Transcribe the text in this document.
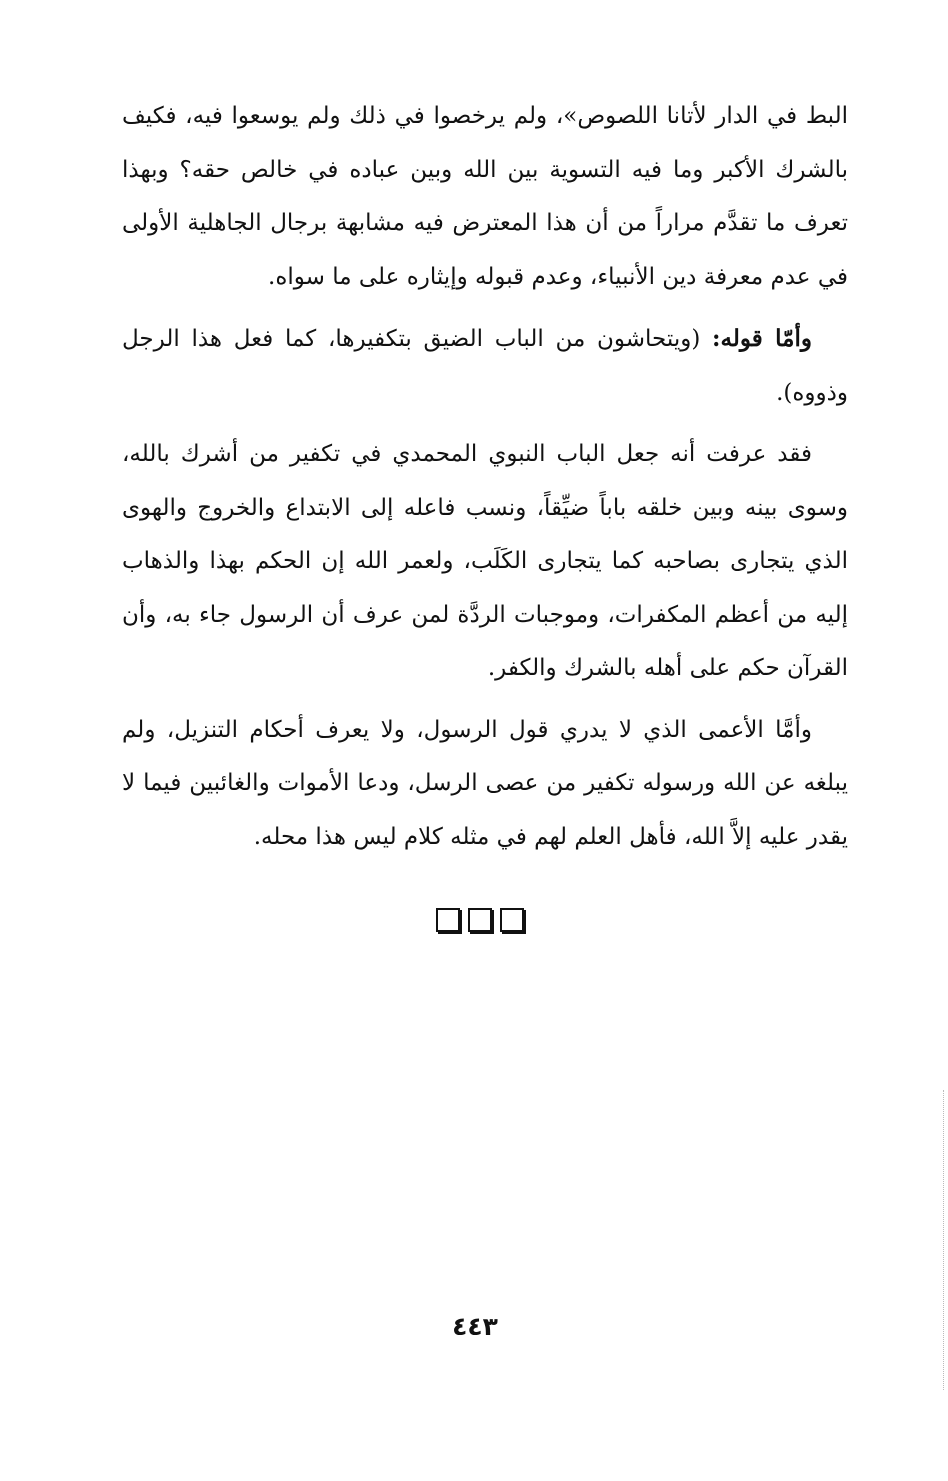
البط في الدار لأتانا اللصوص»، ولم يرخصوا في ذلك ولم يوسعوا فيه، فكيف بالشرك الأكبر وما فيه التسوية بين الله وبين عباده في خالص حقه؟ وبهذا تعرف ما تقدَّم مراراً من أن هذا المعترض فيه مشابهة برجال الجاهلية الأولى في عدم معرفة دين الأنبياء، وعدم قبوله وإيثاره على ما سواه.

وأمّا قوله: (ويتحاشون من الباب الضيق بتكفيرها، كما فعل هذا الرجل وذووه).

فقد عرفت أنه جعل الباب النبوي المحمدي في تكفير من أشرك بالله، وسوى بينه وبين خلقه باباً ضيِّقاً، ونسب فاعله إلى الابتداع والخروج والهوى الذي يتجارى بصاحبه كما يتجارى الكَلَب، ولعمر الله إن الحكم بهذا والذهاب إليه من أعظم المكفرات، وموجبات الردَّة لمن عرف أن الرسول جاء به، وأن القرآن حكم على أهله بالشرك والكفر.

وأمَّا الأعمى الذي لا يدري قول الرسول، ولا يعرف أحكام التنزيل، ولم يبلغه عن الله ورسوله تكفير من عصى الرسل، ودعا الأموات والغائبين فيما لا يقدر عليه إلاَّ الله، فأهل العلم لهم في مثله كلام ليس هذا محله.

٤٤٣
